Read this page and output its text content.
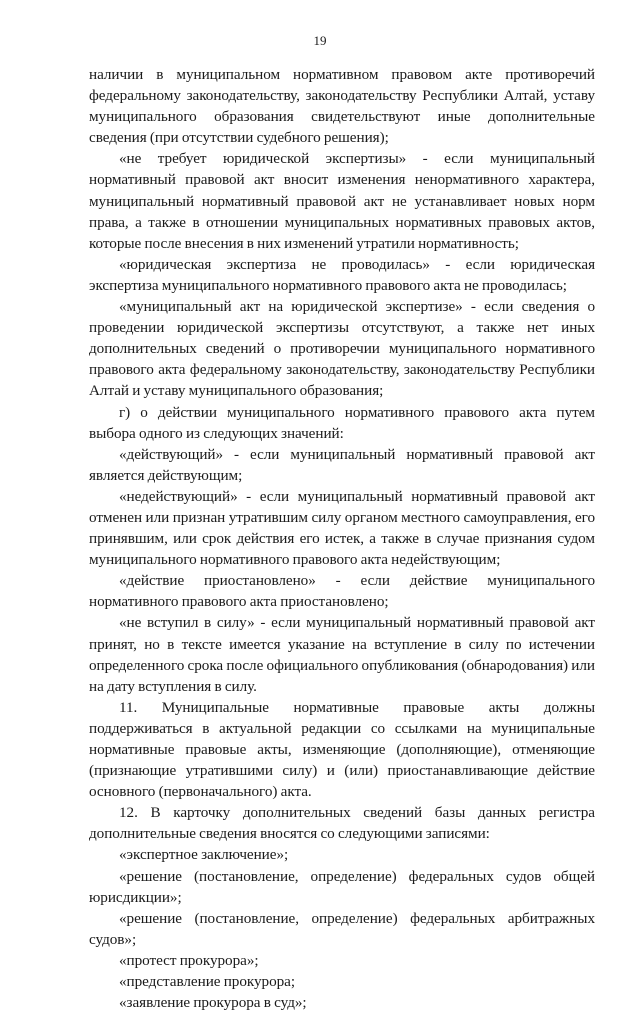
19

наличии в муниципальном нормативном правовом акте противоречий федеральному законодательству, законодательству Республики Алтай, уставу муниципального образования свидетельствуют иные дополнительные сведения (при отсутствии судебного решения);

«не требует юридической экспертизы» - если муниципальный нормативный правовой акт вносит изменения ненормативного характера, муниципальный нормативный правовой акт не устанавливает новых норм права, а также в отношении муниципальных нормативных правовых актов, которые после внесения в них изменений утратили нормативность;

«юридическая экспертиза не проводилась» - если юридическая экспертиза муниципального нормативного правового акта не проводилась;

«муниципальный акт на юридической экспертизе» - если сведения о проведении юридической экспертизы отсутствуют, а также нет иных дополнительных сведений о противоречии муниципального нормативного правового акта федеральному законодательству, законодательству Республики Алтай и уставу муниципального образования;

г) о действии муниципального нормативного правового акта путем выбора одного из следующих значений:

«действующий» - если муниципальный нормативный правовой акт является действующим;

«недействующий» - если муниципальный нормативный правовой акт отменен или признан утратившим силу органом местного самоуправления, его принявшим, или срок действия его истек, а также в случае признания судом муниципального нормативного правового акта недействующим;

«действие приостановлено» - если действие муниципального нормативного правового акта приостановлено;

«не вступил в силу» - если муниципальный нормативный правовой акт принят, но в тексте имеется указание на вступление в силу по истечении определенного срока после официального опубликования (обнародования) или на дату вступления в силу.

11. Муниципальные нормативные правовые акты должны поддерживаться в актуальной редакции со ссылками на муниципальные нормативные правовые акты, изменяющие (дополняющие), отменяющие (признающие утратившими силу) и (или) приостанавливающие действие основного (первоначального) акта.

12. В карточку дополнительных сведений базы данных регистра дополнительные сведения вносятся со следующими записями:

«экспертное заключение»;

«решение (постановление, определение) федеральных судов общей юрисдикции»;

«решение (постановление, определение) федеральных арбитражных судов»;

«протест прокурора»;

«представление прокурора;

«заявление прокурора в суд»;
